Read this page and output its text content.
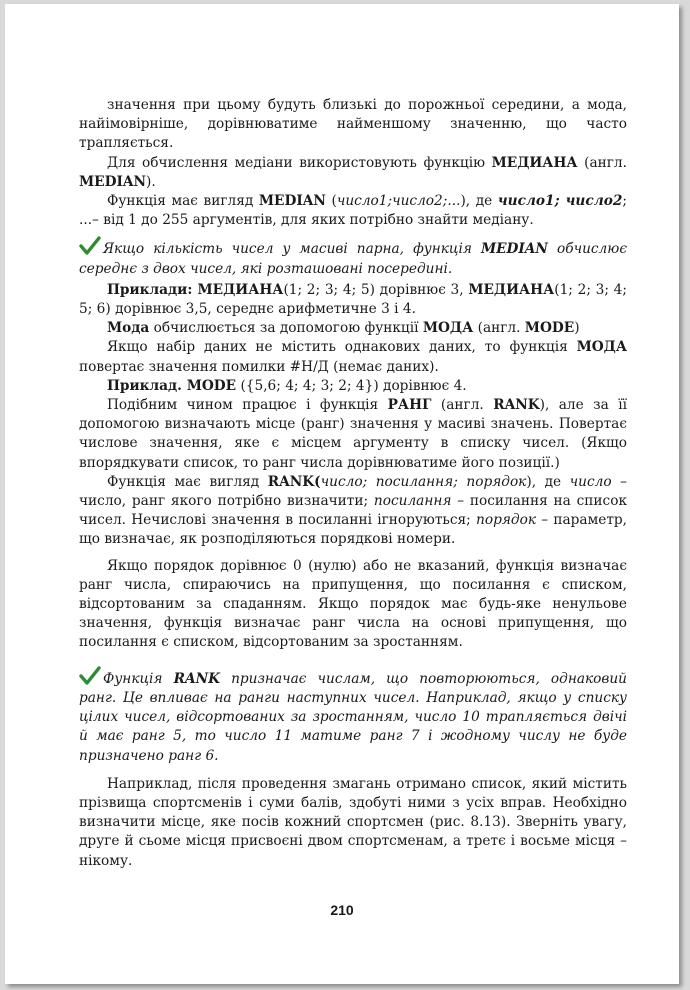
значення при цьому будуть близькі до порожньої середини, а мода, найімовірніше, дорівнюватиме найменшому значенню, що часто трапляється.

Для обчислення медіани використовують функцію МЕДИАНА (англ. MEDIAN).

Функція має вигляд MEDIAN (число1;число2;...), де число1; число2; ...– від 1 до 255 аргументів, для яких потрібно знайти медіану.

Якщо кількість чисел у масиві парна, функція MEDIAN обчислює середнє з двох чисел, які розташовані посередині.

Приклади: МЕДИАНА(1; 2; 3; 4; 5) дорівнює 3, МЕДИАНА(1; 2; 3; 4; 5; 6) дорівнює 3,5, середнє арифметичне 3 і 4.

Мода обчислюється за допомогою функції МОДА (англ. MODE)

Якщо набір даних не містить однакових даних, то функція МОДА повертає значення помилки #Н/Д (немає даних).

Приклад. MODE ({5,6; 4; 4; 3; 2; 4}) дорівнює 4.

Подібним чином працює і функція РАНГ (англ. RANK), але за її допомогою визначають місце (ранг) значення у масиві значень. Повертає числове значення, яке є місцем аргументу в списку чисел. (Якщо впорядкувати список, то ранг числа дорівнюватиме його позиції.)

Функція має вигляд RANK(число; посилання; порядок), де число – число, ранг якого потрібно визначити; посилання – посилання на список чисел. Нечислові значення в посиланні ігноруються; порядок – параметр, що визначає, як розподіляються порядкові номери.

Якщо порядок дорівнює 0 (нулю) або не вказаний, функція визначає ранг числа, спираючись на припущення, що посилання є списком, відсортованим за спаданням. Якщо порядок має будь-яке ненульове значення, функція визначає ранг числа на основі припущення, що посилання є списком, відсортованим за зростанням.

Функція RANK призначає числам, що повторюються, однаковий ранг. Це впливає на ранги наступних чисел. Наприклад, якщо у списку цілих чисел, відсортованих за зростанням, число 10 трапляється двічі й має ранг 5, то число 11 матиме ранг 7 і жодному числу не буде призначено ранг 6.

Наприклад, після проведення змагань отримано список, який містить прізвища спортсменів і суми балів, здобуті ними з усіх вправ. Необхідно визначити місце, яке посів кожний спортсмен (рис. 8.13). Зверніть увагу, друге й сьоме місця присвоєні двом спортсменам, а третє і восьме місця – нікому.

210
